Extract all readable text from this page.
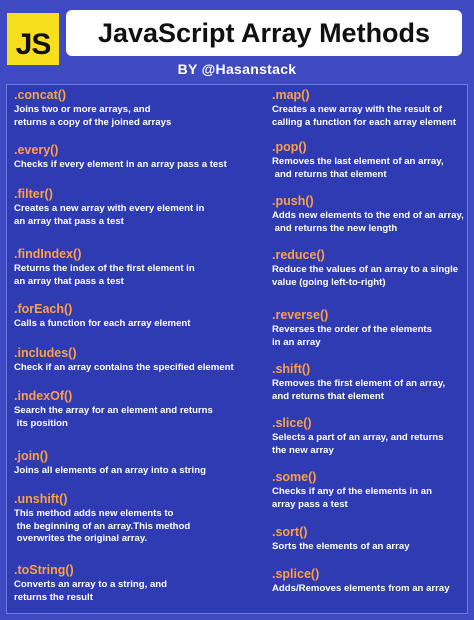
JS	JavaScript Array Methods
BY @Hasanstack
.concat()
Joins two or more arrays, and
returns a copy of the joined arrays
.every()
Checks if every element in an array pass a test
.filter()
Creates a new array with every element in
an array that pass a test
.findIndex()
Returns the index of the first element in
an array that pass a test
.forEach()
Calls a function for each array element
.includes()
Check if an array contains the specified element
.indexOf()
Search the array for an element and returns
its position
.join()
Joins all elements of an array into a string
.unshift()
This method adds new elements to
the beginning of an array.This method
overwrites the original array.
.toString()
Converts an array to a string, and
returns the result
.map()
Creates a new array with the result of
calling a function for each array element
.pop()
Removes the last element of an array,
and returns that element
.push()
Adds new elements to the end of an array,
and returns the new length
.reduce()
Reduce the values of an array to a single
value (going left-to-right)
.reverse()
Reverses the order of the elements
in an array
.shift()
Removes the first element of an array,
and returns that element
.slice()
Selects a part of an array, and returns
the new array
.some()
Checks if any of the elements in an
array pass a test
.sort()
Sorts the elements of an array
.splice()
Adds/Removes elements from an array
